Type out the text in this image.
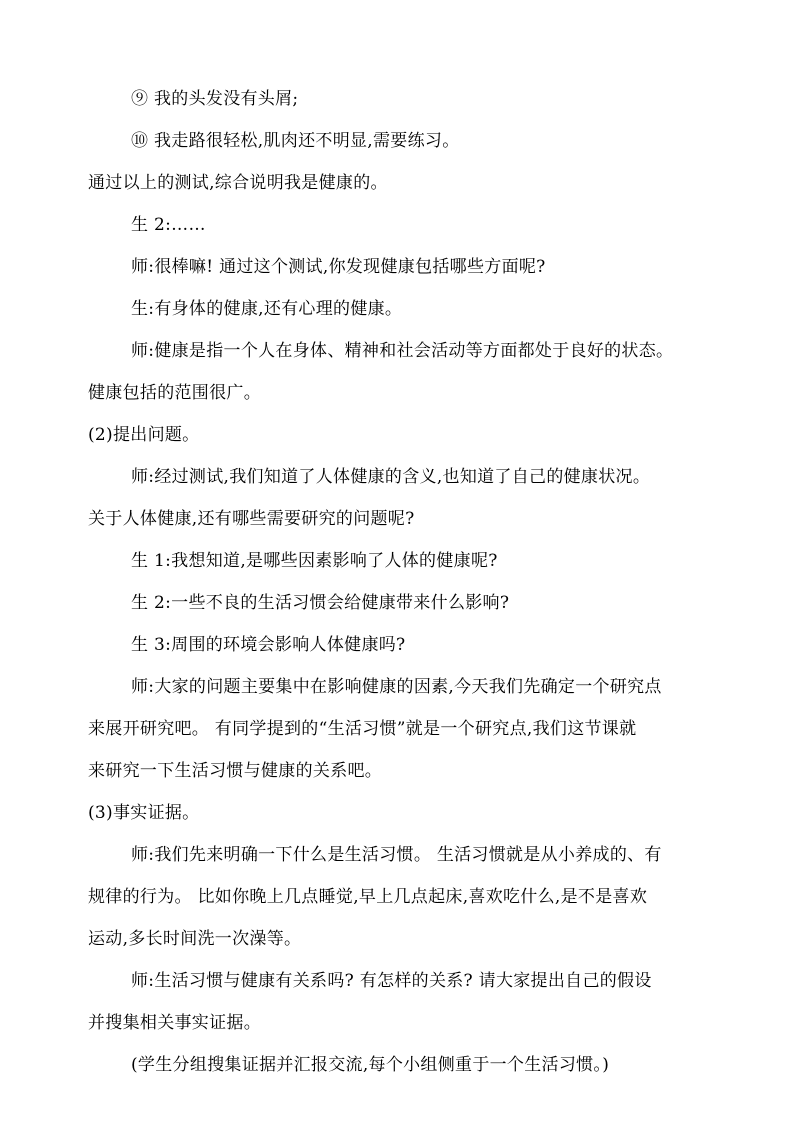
⑨ 我的头发没有头屑;
⑩ 我走路很轻松,肌肉还不明显,需要练习。
通过以上的测试,综合说明我是健康的。
生 2:……
师:很棒嘛! 通过这个测试,你发现健康包括哪些方面呢?
生:有身体的健康,还有心理的健康。
师:健康是指一个人在身体、精神和社会活动等方面都处于良好的状态。
健康包括的范围很广。
(2)提出问题。
师:经过测试,我们知道了人体健康的含义,也知道了自己的健康状况。
关于人体健康,还有哪些需要研究的问题呢?
生 1:我想知道,是哪些因素影响了人体的健康呢?
生 2:一些不良的生活习惯会给健康带来什么影响?
生 3:周围的环境会影响人体健康吗?
师:大家的问题主要集中在影响健康的因素,今天我们先确定一个研究点
来展开研究吧。 有同学提到的“生活习惯”就是一个研究点,我们这节课就
来研究一下生活习惯与健康的关系吧。
(3)事实证据。
师:我们先来明确一下什么是生活习惯。 生活习惯就是从小养成的、有
规律的行为。 比如你晚上几点睡觉,早上几点起床,喜欢吃什么,是不是喜欢
运动,多长时间洗一次澡等。
师:生活习惯与健康有关系吗? 有怎样的关系? 请大家提出自己的假设
并搜集相关事实证据。
(学生分组搜集证据并汇报交流,每个小组侧重于一个生活习惯。)
